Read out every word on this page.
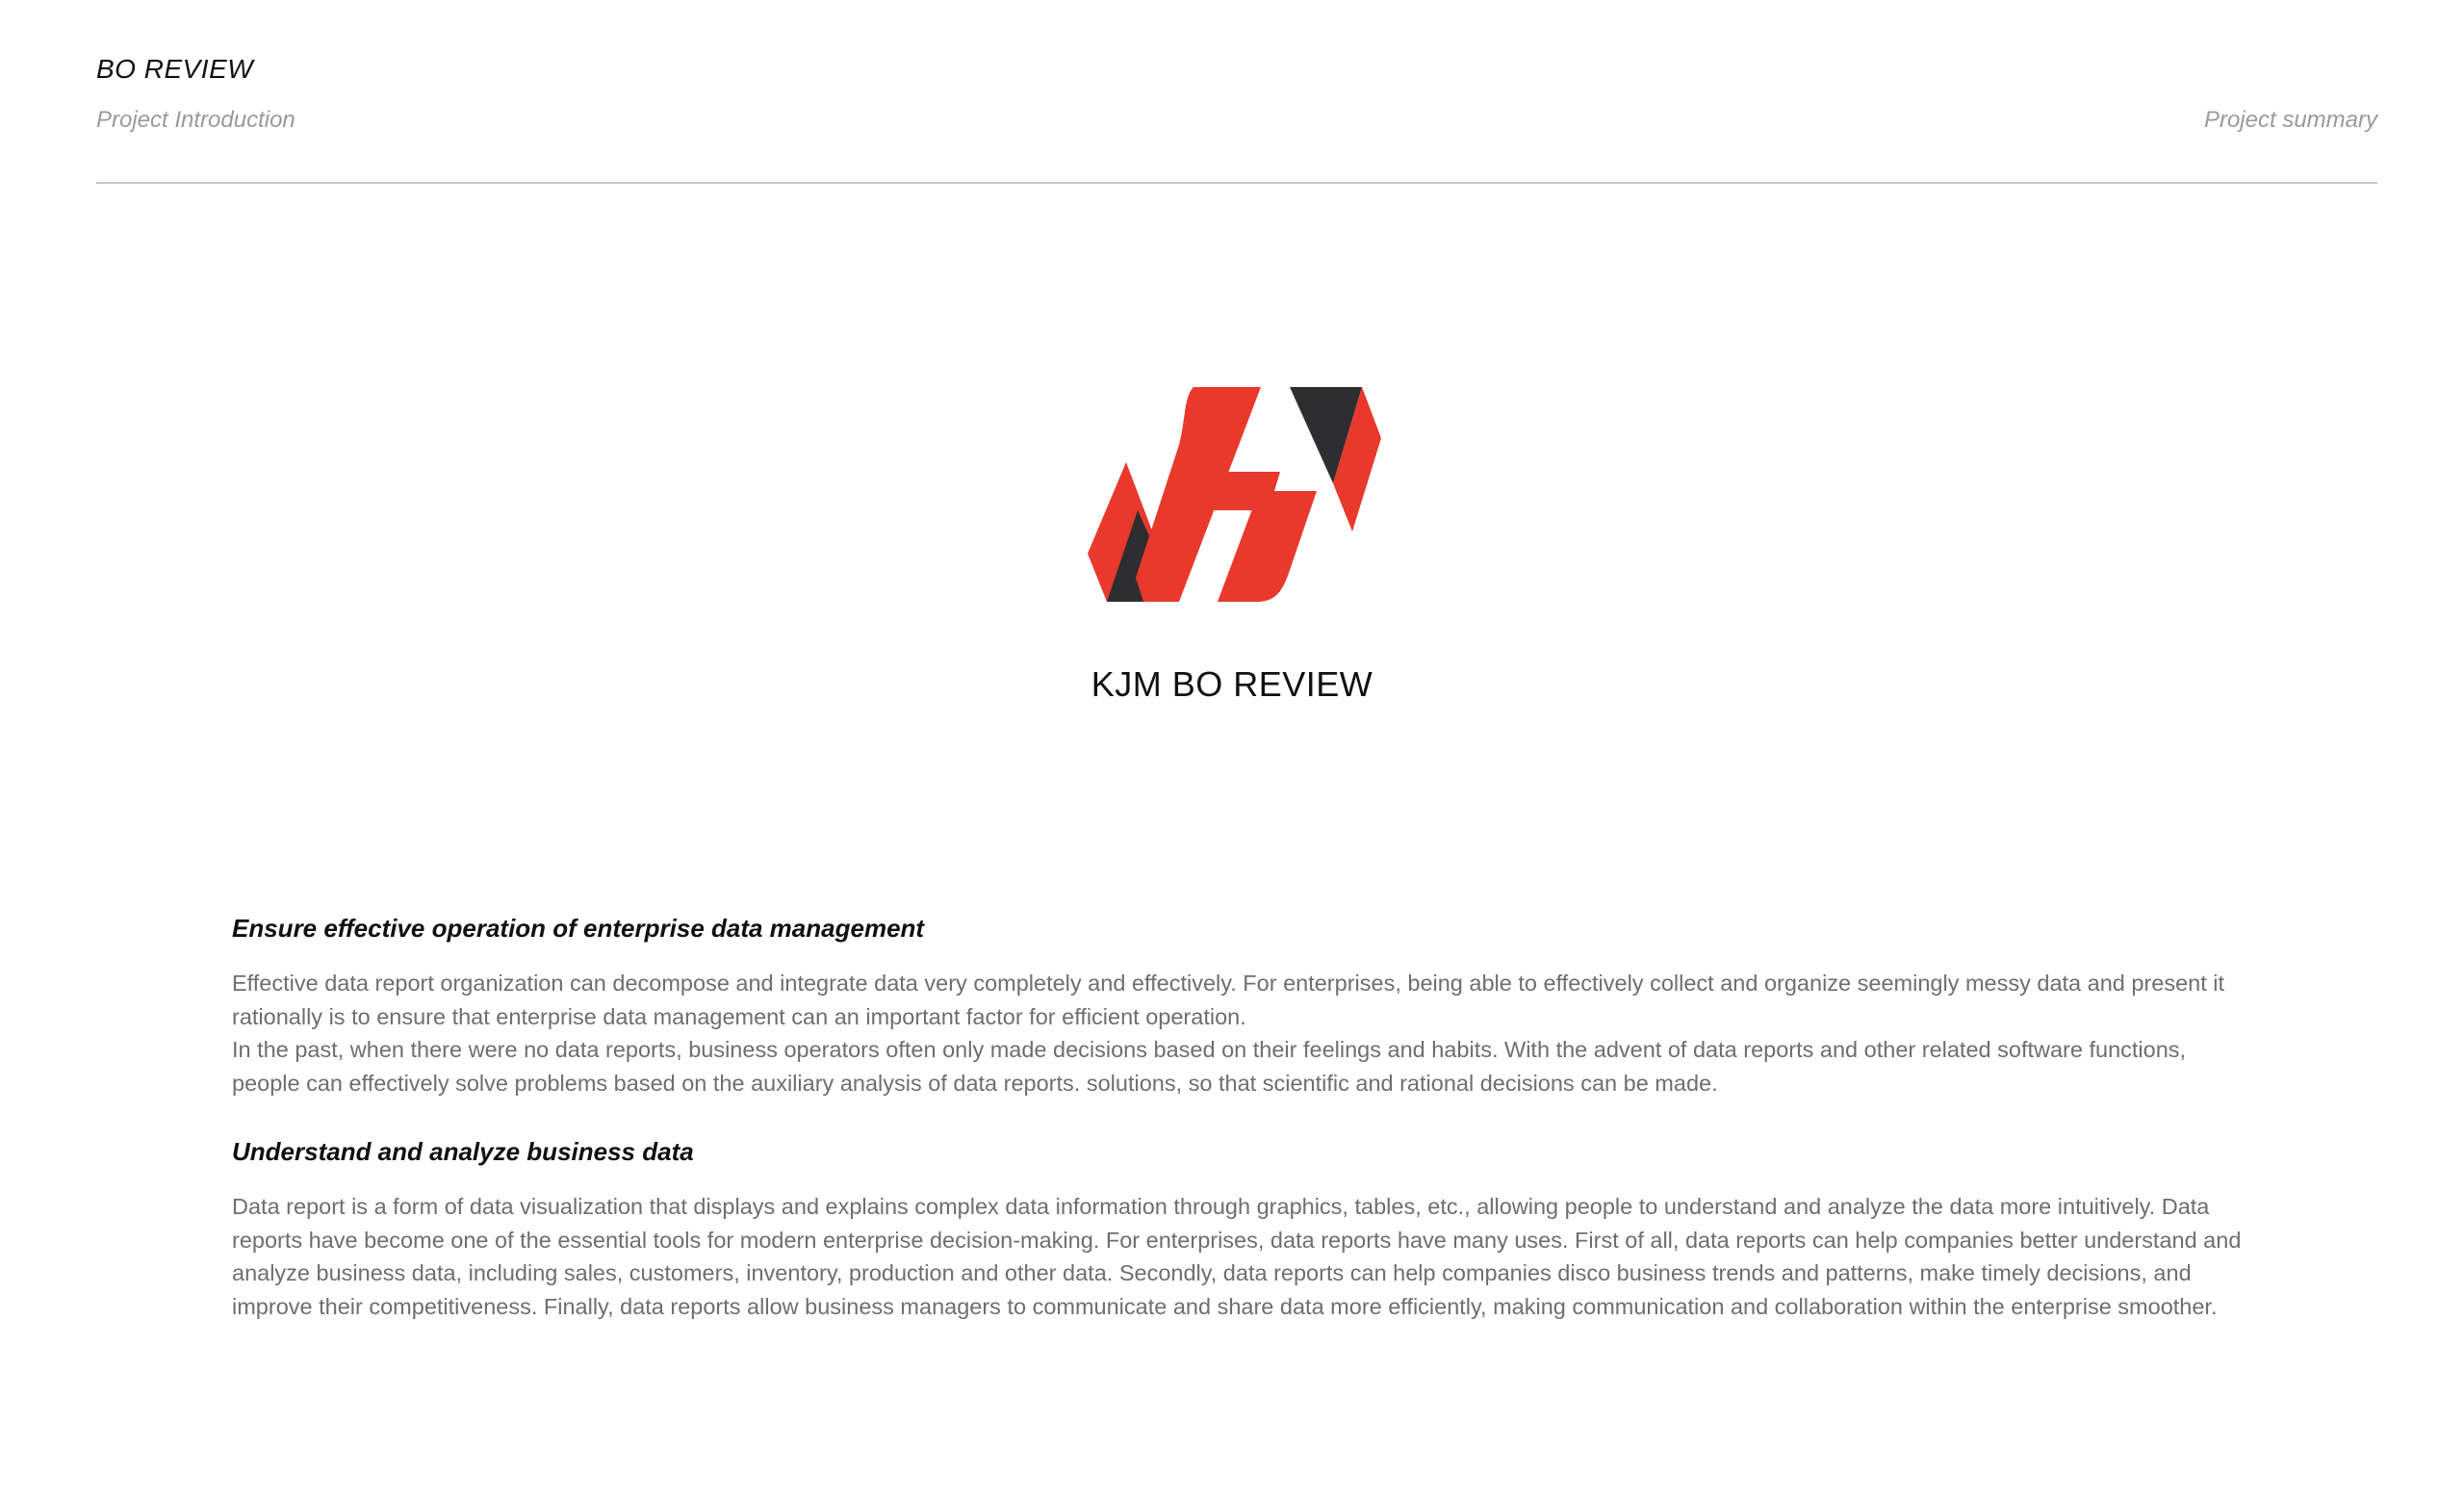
BO REVIEW
Project Introduction	Project summary
KJM BO REVIEW
Ensure effective operation of enterprise data management

Effective data report organization can decompose and integrate data very completely and effectively. For enterprises, being able to effectively collect and organize seemingly messy data and present it rationally is to ensure that enterprise data management can an important factor for efficient operation.
In the past, when there were no data reports, business operators often only made decisions based on their feelings and habits. With the advent of data reports and other related software functions, people can effectively solve problems based on the auxiliary analysis of data reports. solutions, so that scientific and rational decisions can be made.

Understand and analyze business data

Data report is a form of data visualization that displays and explains complex data information through graphics, tables, etc., allowing people to understand and analyze the data more intuitively. Data reports have become one of the essential tools for modern enterprise decision-making. For enterprises, data reports have many uses. First of all, data reports can help companies better understand and analyze business data, including sales, customers, inventory, production and other data. Secondly, data reports can help companies disco business trends and patterns, make timely decisions, and improve their competitiveness. Finally, data reports allow business managers to communicate and share data more efficiently, making communication and collaboration within the enterprise smoother.
